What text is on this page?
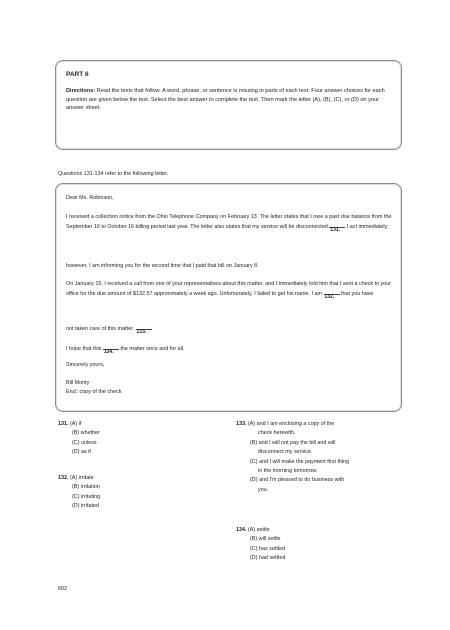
PART 6
Directions: Read the texts that follow. A word, phrase, or sentence is missing in parts of each text. Four answer choices for each question are given below the text. Select the best answer to complete the text. Then mark the letter (A), (B), (C), or (D) on your answer sheet.
Questions 131-134 refer to the following letter.
Dear Ms. Robinson,
I received a collection notice from the Ohio Telephone Company on February 13. The letter states that I owe a past due balance from the September 16 to October 16 billing period last year. The letter also states that my service will be disconnected 131. I act immediately;
however, I am informing you for the second time that I paid that bill on January 8.
On January 15, I received a call from one of your representatives about this matter, and I immediately told him that I sent a check to your office for the due amount of $132.57 approximately a week ago. Unfortunately, I failed to get his name. I am 132. that you have
not taken care of this matter. 133.
I hope that this 134. the matter once and for all.
Sincerely yours,
Bill Monty
Encl: copy of the check
131. (A) if
(B) whether
(C) unless
(D) as if
132. (A) irritate
(B) irritation
(C) irritating
(D) irritated
133. (A) and I am enclosing a copy of the
check herewith.
(B) and I will not pay the bill and will
disconnect my service.
(C) and I will make the payment first thing
in the morning tomorrow.
(D) and I'm pleased to do business with
you.
134. (A) settle
(B) will settle
(C) has settled
(D) had settled
602
